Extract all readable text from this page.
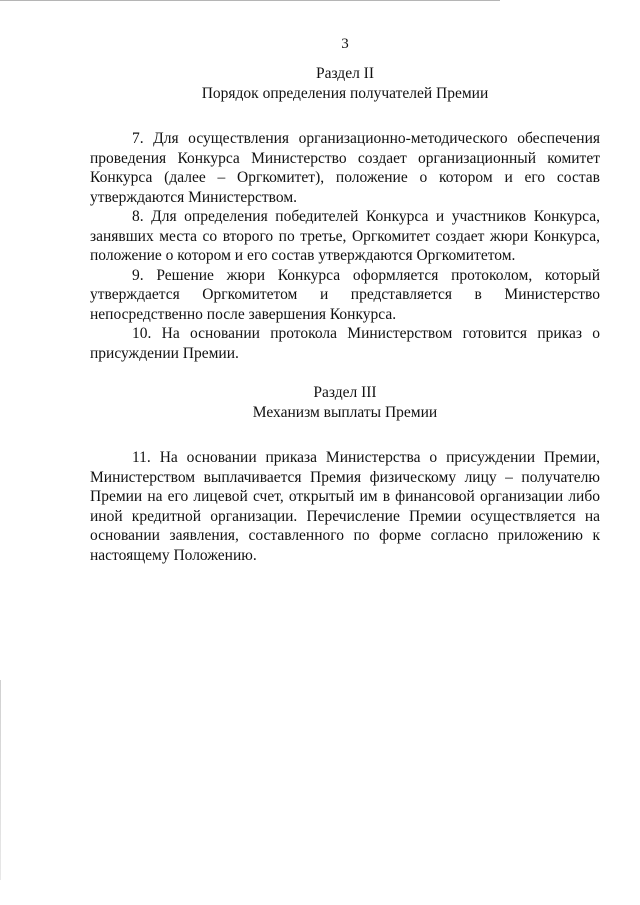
3

Раздел II

Порядок определения получателей Премии

7. Для осуществления организационно-методического обеспечения проведения Конкурса Министерство создает организационный комитет Конкурса (далее – Оргкомитет), положение о котором и его состав утверждаются Министерством.

8. Для определения победителей Конкурса и участников Конкурса, занявших места со второго по третье, Оргкомитет создает жюри Конкурса, положение о котором и его состав утверждаются Оргкомитетом.

9. Решение жюри Конкурса оформляется протоколом, который утверждается Оргкомитетом и представляется в Министерство непосредственно после завершения Конкурса.

10. На основании протокола Министерством готовится приказ о присуждении Премии.

Раздел III

Механизм выплаты Премии

11. На основании приказа Министерства о присуждении Премии, Министерством выплачивается Премия физическому лицу – получателю Премии на его лицевой счет, открытый им в финансовой организации либо иной кредитной организации. Перечисление Премии осуществляется на основании заявления, составленного по форме согласно приложению к настоящему Положению.
